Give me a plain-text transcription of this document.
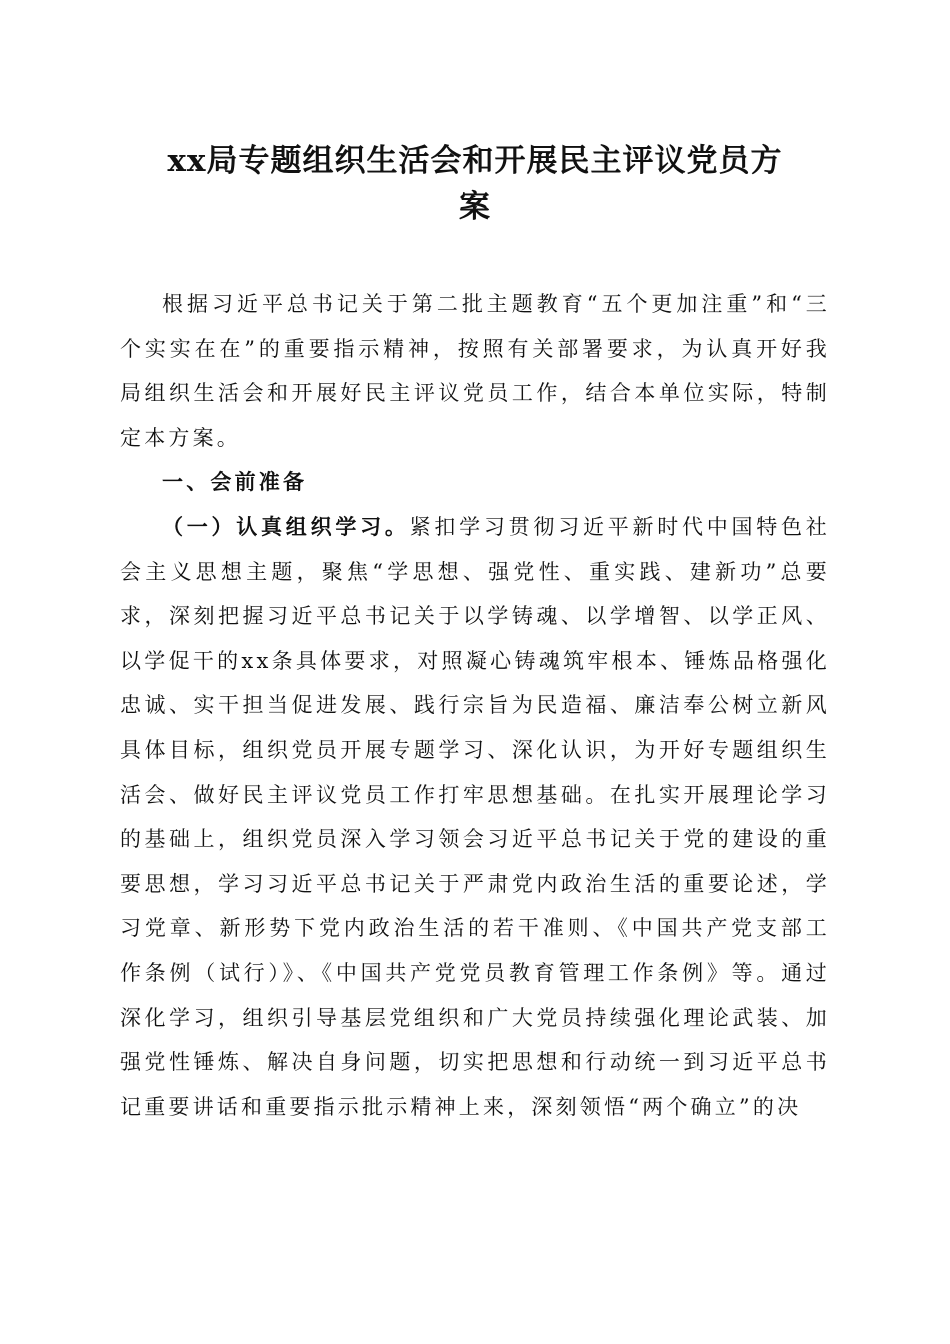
xx局专题组织生活会和开展民主评议党员方
案

根据习近平总书记关于第二批主题教育“五个更加注重”和“三个实实在在”的重要指示精神，按照有关部署要求，为认真开好我局组织生活会和开展好民主评议党员工作，结合本单位实际，特制定本方案。

一、会前准备

（一）认真组织学习。紧扣学习贯彻习近平新时代中国特色社会主义思想主题，聚焦“学思想、强党性、重实践、建新功”总要求，深刻把握习近平总书记关于以学铸魂、以学增智、以学正风、以学促干的xx条具体要求，对照凝心铸魂筑牢根本、锤炼品格强化忠诚、实干担当促进发展、践行宗旨为民造福、廉洁奉公树立新风具体目标，组织党员开展专题学习、深化认识，为开好专题组织生活会、做好民主评议党员工作打牢思想基础。在扎实开展理论学习的基础上，组织党员深入学习领会习近平总书记关于党的建设的重要思想，学习习近平总书记关于严肃党内政治生活的重要论述，学习党章、新形势下党内政治生活的若干准则、《中国共产党支部工作条例（试行）》、《中国共产党党员教育管理工作条例》等。通过深化学习，组织引导基层党组织和广大党员持续强化理论武装、加强党性锤炼、解决自身问题，切实把思想和行动统一到习近平总书记重要讲话和重要指示批示精神上来，深刻领悟“两个确立”的决
